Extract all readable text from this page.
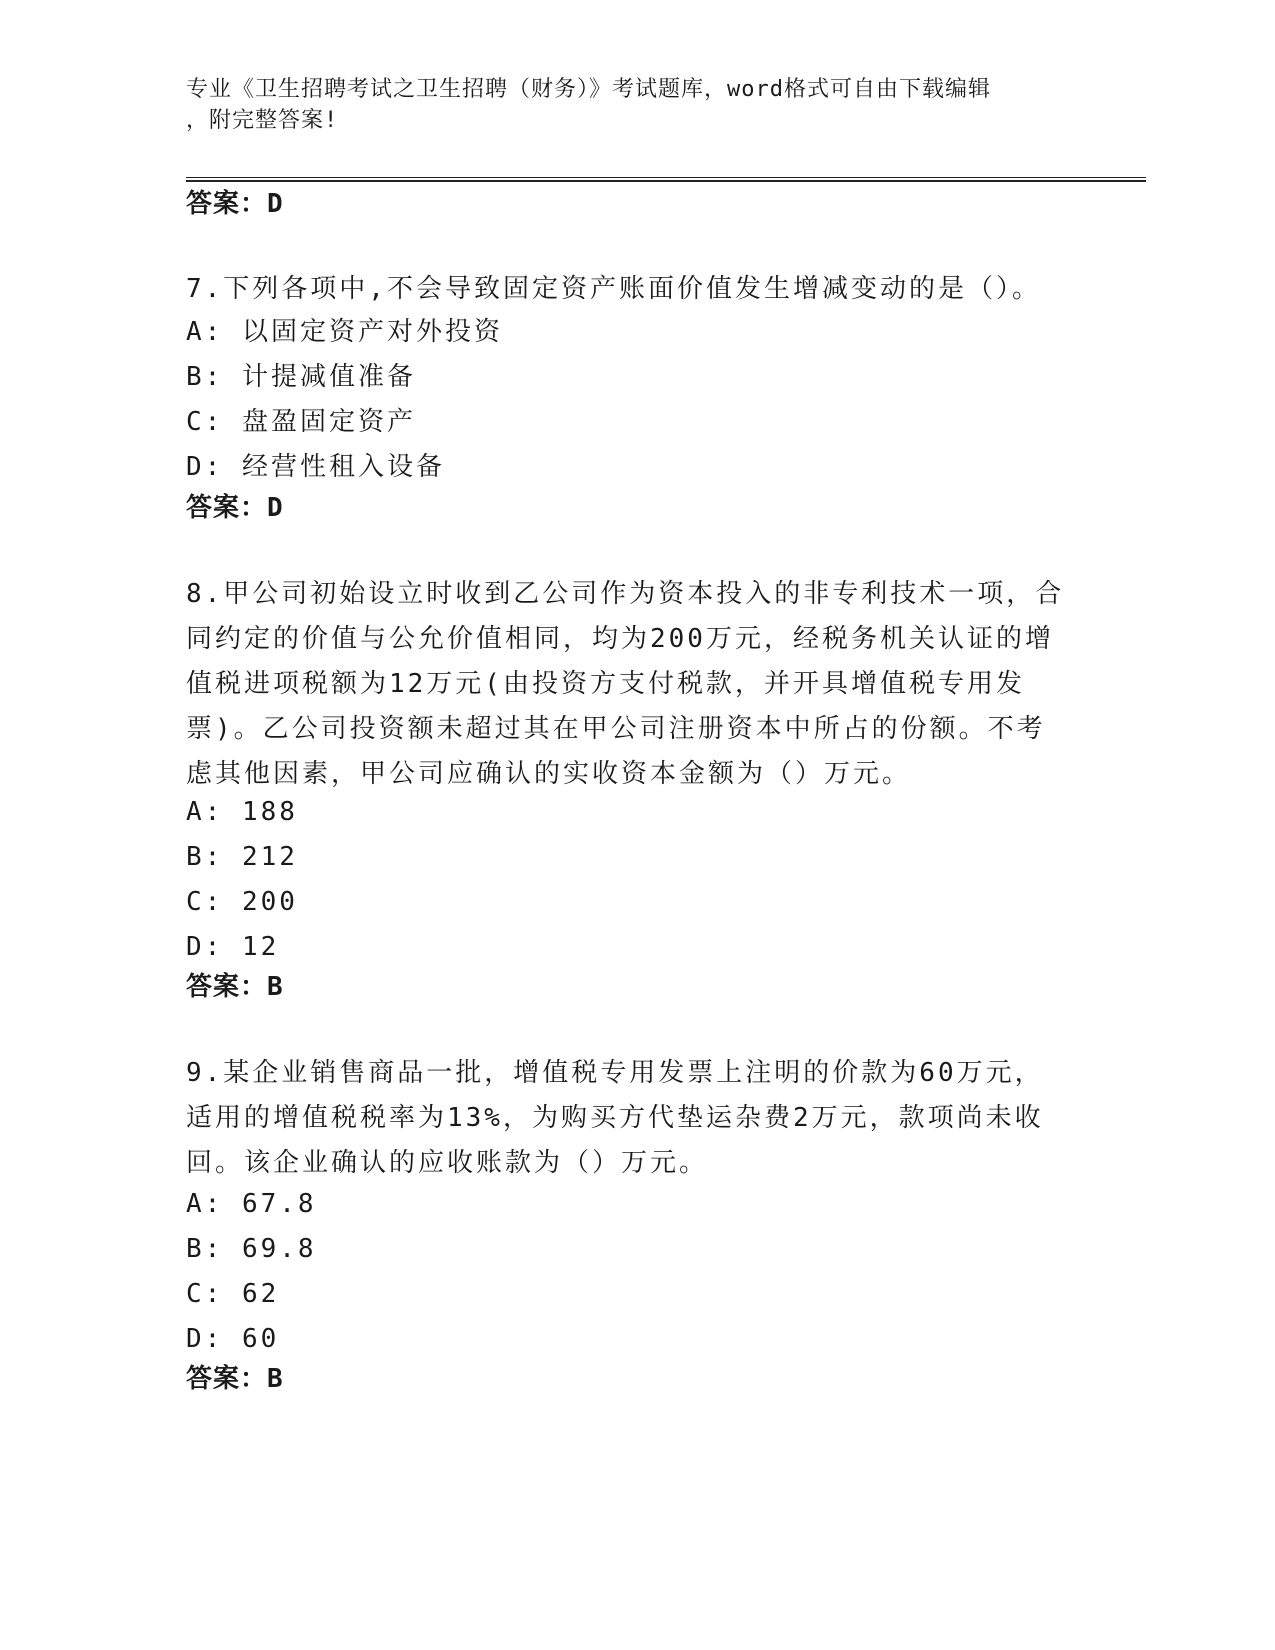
专业《卫生招聘考试之卫生招聘（财务）》考试题库，word格式可自由下载编辑
，附完整答案!
答案：D
7.下列各项中,不会导致固定资产账面价值发生增减变动的是（）。
A: 以固定资产对外投资
B: 计提减值准备
C: 盘盈固定资产
D: 经营性租入设备
答案：D
8.甲公司初始设立时收到乙公司作为资本投入的非专利技术一项，合同约定的价值与公允价值相同，均为200万元，经税务机关认证的增值税进项税额为12万元(由投资方支付税款，并开具增值税专用发票)。乙公司投资额未超过其在甲公司注册资本中所占的份额。不考虑其他因素，甲公司应确认的实收资本金额为（）万元。
A: 188
B: 212
C: 200
D: 12
答案：B
9.某企业销售商品一批，增值税专用发票上注明的价款为60万元，适用的增值税税率为13%，为购买方代垫运杂费2万元，款项尚未收回。该企业确认的应收账款为（）万元。
A: 67.8
B: 69.8
C: 62
D: 60
答案：B
